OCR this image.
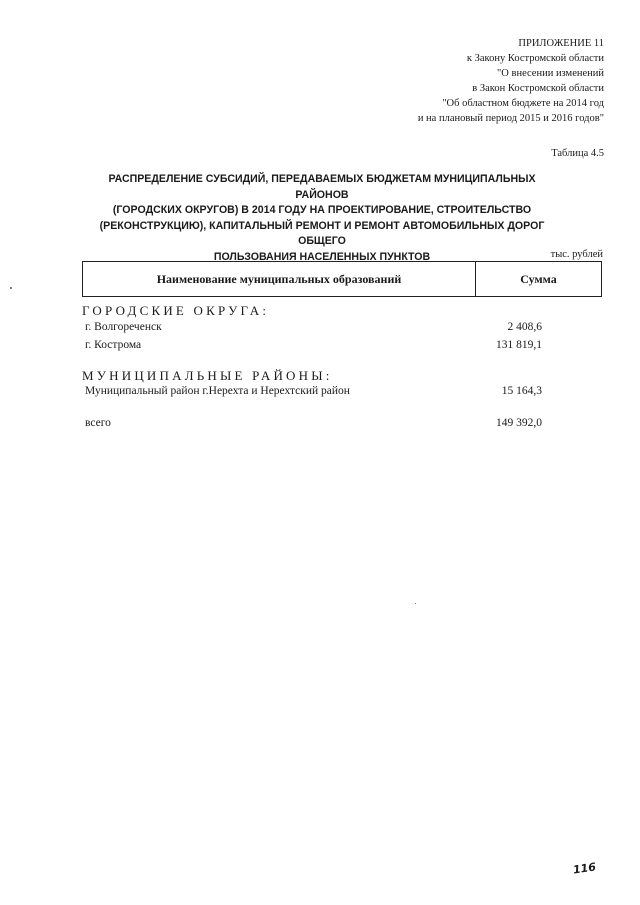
ПРИЛОЖЕНИЕ 11
к Закону Костромской области
"О внесении изменений
в Закон Костромской области
"Об областном бюджете на 2014 год
и на плановый период 2015 и 2016 годов"
Таблица 4.5
РАСПРЕДЕЛЕНИЕ СУБСИДИЙ, ПЕРЕДАВАЕМЫХ БЮДЖЕТАМ МУНИЦИПАЛЬНЫХ РАЙОНОВ
(ГОРОДСКИХ ОКРУГОВ) В 2014 ГОДУ НА ПРОЕКТИРОВАНИЕ, СТРОИТЕЛЬСТВО
(РЕКОНСТРУКЦИЮ), КАПИТАЛЬНЫЙ РЕМОНТ И РЕМОНТ АВТОМОБИЛЬНЫХ ДОРОГ ОБЩЕГО
ПОЛЬЗОВАНИЯ НАСЕЛЕННЫХ ПУНКТОВ	тыс. рублей
Наименование муниципальных образований	Сумма
ГОРОДСКИЕ ОКРУГА:
г. Волгореченск	2 408,6
г. Кострома	131 819,1
МУНИЦИПАЛЬНЫЕ РАЙОНЫ:
Муниципальный район г.Нерехта и Нерехтский район	15 164,3
всего	149 392,0
116
